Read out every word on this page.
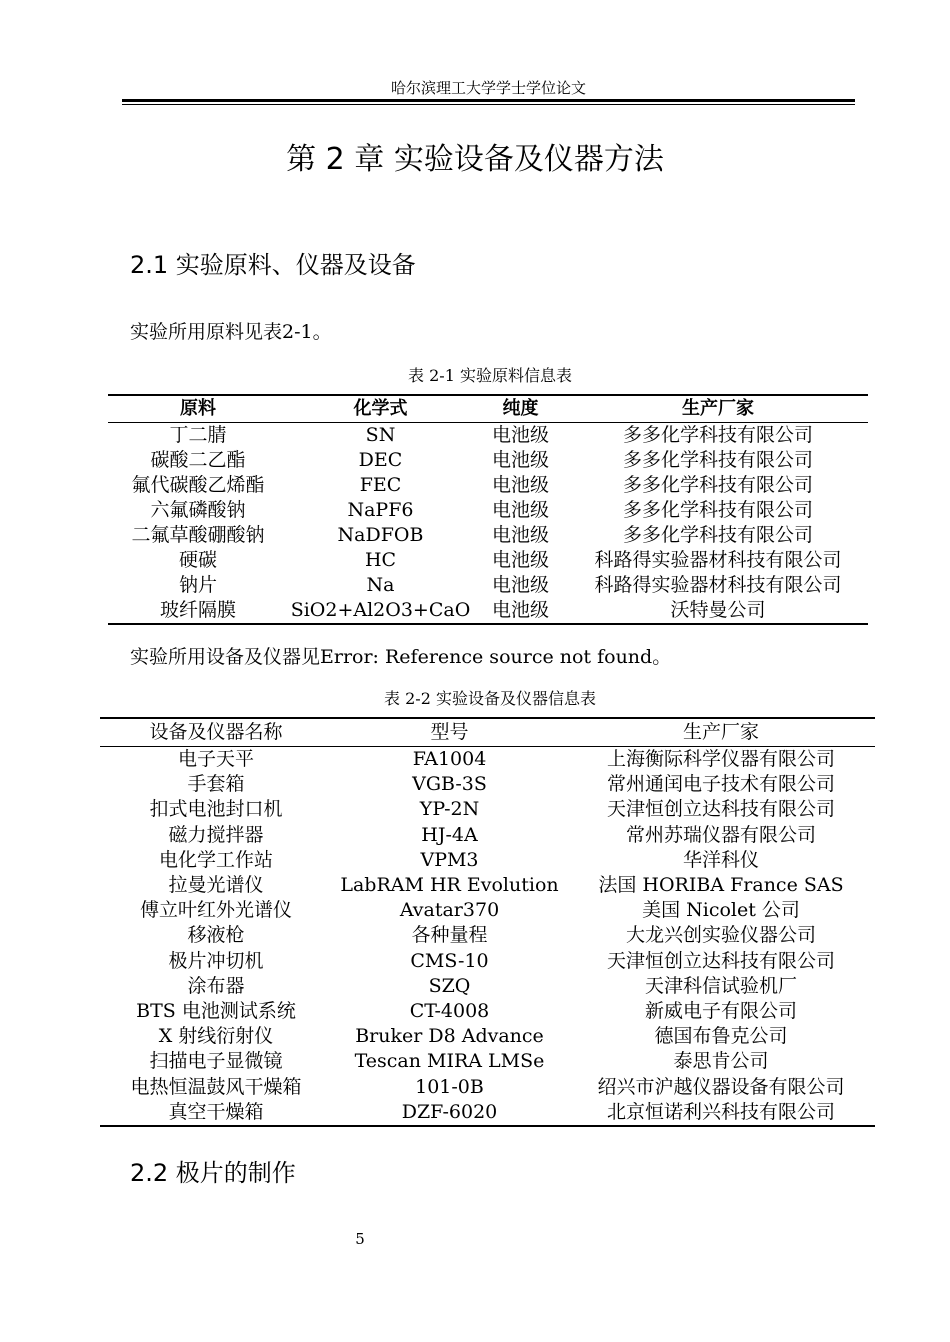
哈尔滨理工大学学士学位论文
第 2 章 实验设备及仪器方法
2.1 实验原料、仪器及设备
实验所用原料见表2-1。
表 2-1 实验原料信息表
原料	化学式	纯度	生产厂家
丁二腈	SN	电池级	多多化学科技有限公司
碳酸二乙酯	DEC	电池级	多多化学科技有限公司
氟代碳酸乙烯酯	FEC	电池级	多多化学科技有限公司
六氟磷酸钠	NaPF6	电池级	多多化学科技有限公司
二氟草酸硼酸钠	NaDFOB	电池级	多多化学科技有限公司
硬碳	HC	电池级	科路得实验器材科技有限公司
钠片	Na	电池级	科路得实验器材科技有限公司
玻纤隔膜	SiO2+Al2O3+CaO	电池级	沃特曼公司
实验所用设备及仪器见Error: Reference source not found。
表 2-2 实验设备及仪器信息表
设备及仪器名称	型号	生产厂家
电子天平	FA1004	上海衡际科学仪器有限公司
手套箱	VGB-3S	常州通闰电子技术有限公司
扣式电池封口机	YP-2N	天津恒创立达科技有限公司
磁力搅拌器	HJ-4A	常州苏瑞仪器有限公司
电化学工作站	VPM3	华洋科仪
拉曼光谱仪	LabRAM HR Evolution	法国 HORIBA France SAS
傅立叶红外光谱仪	Avatar370	美国 Nicolet 公司
移液枪	各种量程	大龙兴创实验仪器公司
极片冲切机	CMS-10	天津恒创立达科技有限公司
涂布器	SZQ	天津科信试验机厂
BTS 电池测试系统	CT-4008	新威电子有限公司
X 射线衍射仪	Bruker D8 Advance	德国布鲁克公司
扫描电子显微镜	Tescan MIRA LMSe	泰思肯公司
电热恒温鼓风干燥箱	101-0B	绍兴市沪越仪器设备有限公司
真空干燥箱	DZF-6020	北京恒诺利兴科技有限公司
2.2 极片的制作
5
